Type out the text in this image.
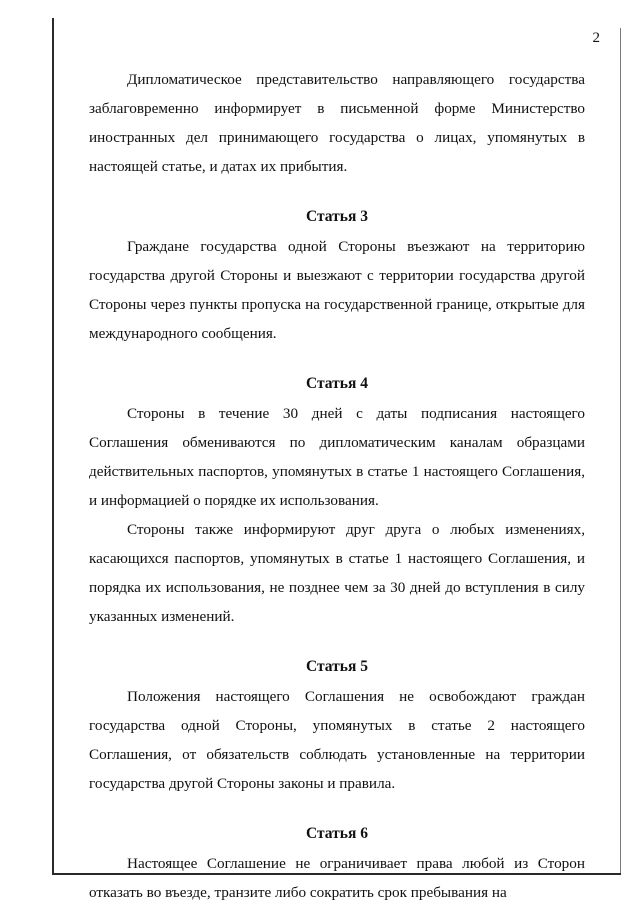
2

Дипломатическое представительство направляющего государства заблаговременно информирует в письменной форме Министерство иностранных дел принимающего государства о лицах, упомянутых в настоящей статье, и датах их прибытия.

Статья 3

Граждане государства одной Стороны въезжают на территорию государства другой Стороны и выезжают с территории государства другой Стороны через пункты пропуска на государственной границе, открытые для международного сообщения.

Статья 4

Стороны в течение 30 дней с даты подписания настоящего Соглашения обмениваются по дипломатическим каналам образцами действительных паспортов, упомянутых в статье 1 настоящего Соглашения, и информацией о порядке их использования.

Стороны также информируют друг друга о любых изменениях, касающихся паспортов, упомянутых в статье 1 настоящего Соглашения, и порядка их использования, не позднее чем за 30 дней до вступления в силу указанных изменений.

Статья 5

Положения настоящего Соглашения не освобождают граждан государства одной Стороны, упомянутых в статье 2 настоящего Соглашения, от обязательств соблюдать установленные на территории государства другой Стороны законы и правила.

Статья 6

Настоящее Соглашение не ограничивает права любой из Сторон отказать во въезде, транзите либо сократить срок пребывания на
